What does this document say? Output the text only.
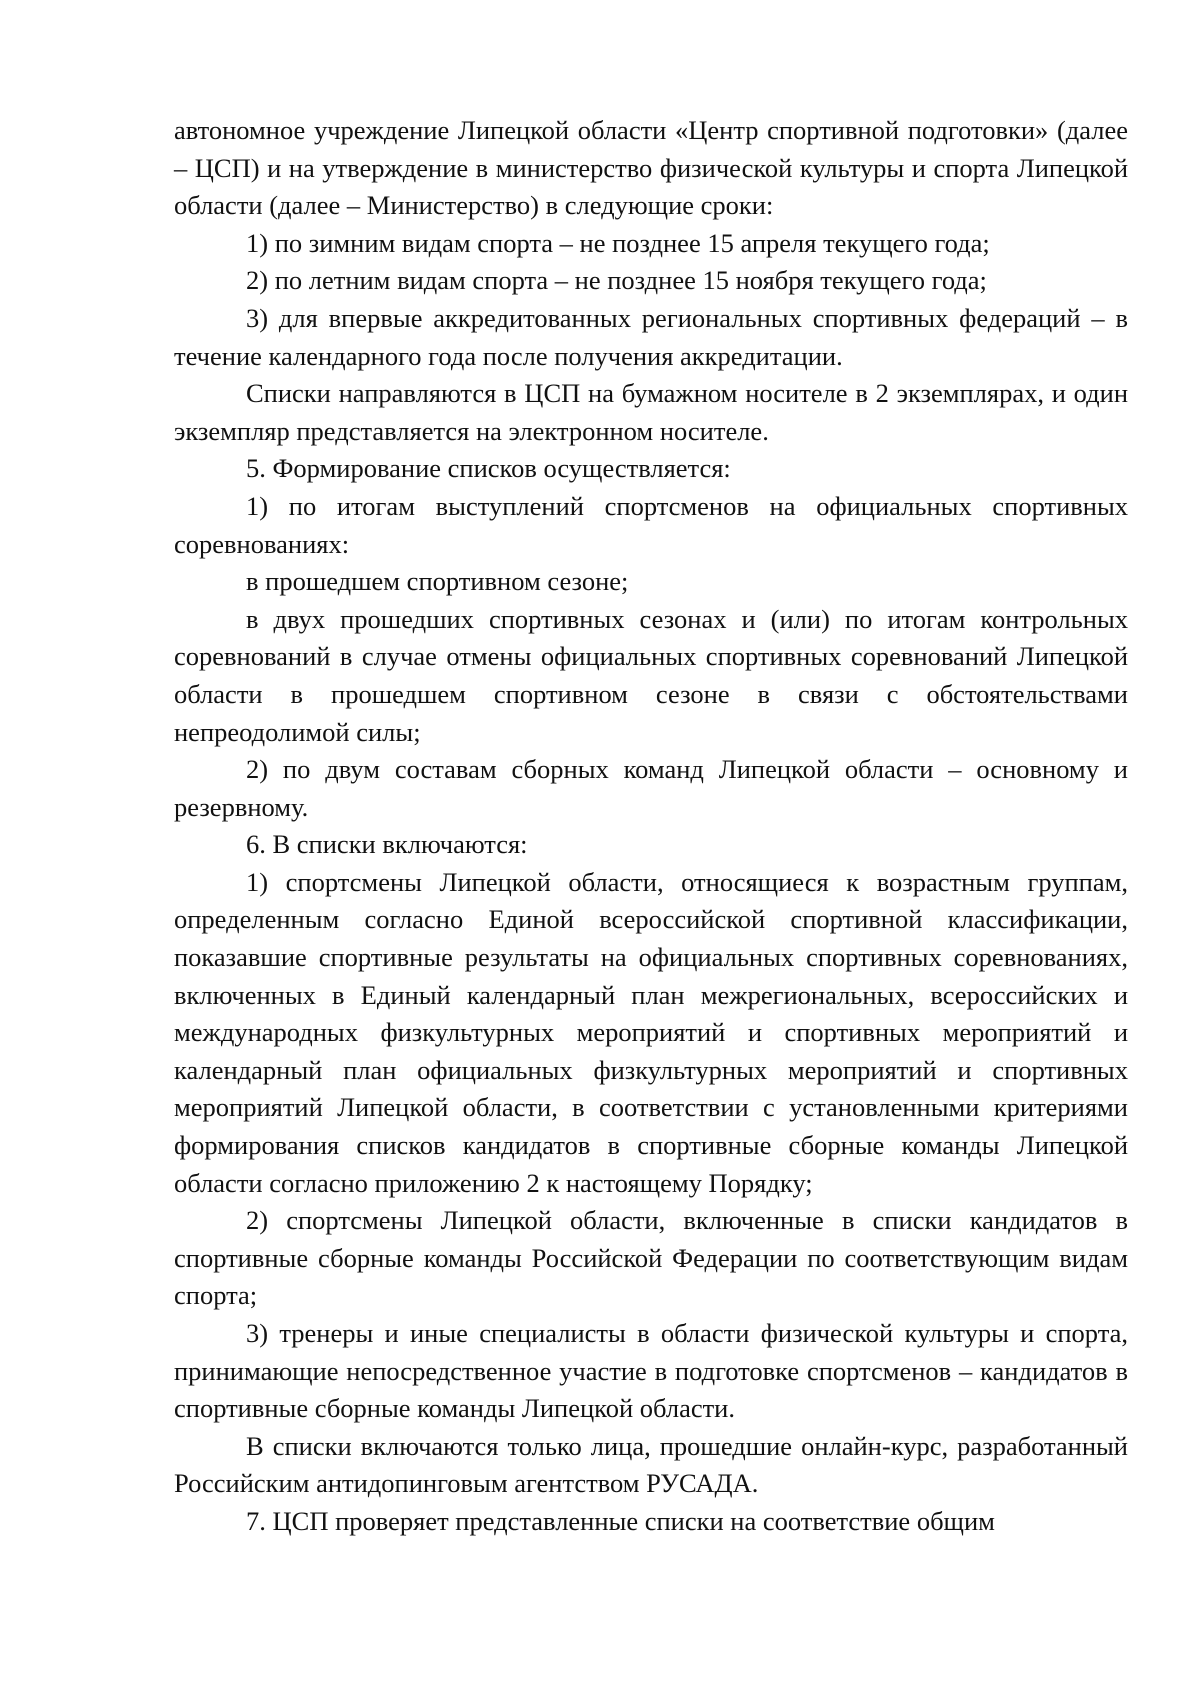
автономное учреждение Липецкой области «Центр спортивной подготовки» (далее – ЦСП) и на утверждение в министерство физической культуры и спорта Липецкой области (далее – Министерство) в следующие сроки:

1) по зимним видам спорта – не позднее 15 апреля текущего года;

2) по летним видам спорта – не позднее 15 ноября текущего года;

3) для впервые аккредитованных региональных спортивных федераций – в течение календарного года после получения аккредитации.

Списки направляются в ЦСП на бумажном носителе в 2 экземплярах, и один экземпляр представляется на электронном носителе.

5. Формирование списков осуществляется:

1) по итогам выступлений спортсменов на официальных спортивных соревнованиях:

в прошедшем спортивном сезоне;

в двух прошедших спортивных сезонах и (или) по итогам контрольных соревнований в случае отмены официальных спортивных соревнований Липецкой области в прошедшем спортивном сезоне в связи с обстоятельствами непреодолимой силы;

2) по двум составам сборных команд Липецкой области – основному и резервному.

6. В списки включаются:

1) спортсмены Липецкой области, относящиеся к возрастным группам, определенным согласно Единой всероссийской спортивной классификации, показавшие спортивные результаты на официальных спортивных соревнованиях, включенных в Единый календарный план межрегиональных, всероссийских и международных физкультурных мероприятий и спортивных мероприятий и календарный план официальных физкультурных мероприятий и спортивных мероприятий Липецкой области, в соответствии с установленными критериями формирования списков кандидатов в спортивные сборные команды Липецкой области согласно приложению 2 к настоящему Порядку;

2) спортсмены Липецкой области, включенные в списки кандидатов в спортивные сборные команды Российской Федерации по соответствующим видам спорта;

3) тренеры и иные специалисты в области физической культуры и спорта, принимающие непосредственное участие в подготовке спортсменов – кандидатов в спортивные сборные команды Липецкой области.

В списки включаются только лица, прошедшие онлайн-курс, разработанный Российским антидопинговым агентством РУСАДА.

7. ЦСП проверяет представленные списки на соответствие общим
